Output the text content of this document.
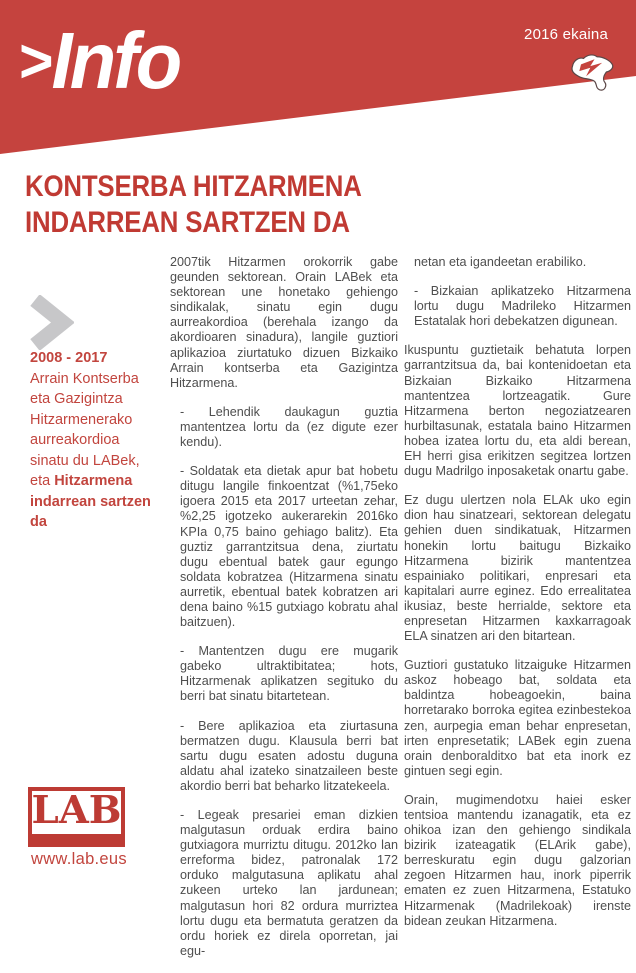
>Info	2016 ekaina
KONTSERBA HITZARMENA
INDARREAN SARTZEN DA
2008 - 2017
Arrain Kontserba eta Gazigintza Hitzarmenerako aurreakordioa sinatu du LABek, eta Hitzarmena indarrean sartzen da

2007tik Hitzarmen orokorrik gabe geunden sektorean. Orain LABek eta sektorean une honetako gehiengo sindikalak, sinatu egin dugu aurreakordioa (berehala izango da akordioaren sinadura), langile guztiori aplikazioa ziurtatuko dizuen Bizkaiko Arrain kontserba eta Gazigintza Hitzarmena.

- Lehendik daukagun guztia mantentzea lortu da (ez digute ezer kendu).

- Soldatak eta dietak apur bat hobetu ditugu langile finkoentzat (%1,75eko igoera 2015 eta 2017 urteetan zehar, %2,25 igotzeko aukerarekin 2016ko KPIa 0,75 baino gehiago balitz). Eta guztiz garrantzitsua dena, ziurtatu dugu ebentual batek gaur egungo soldata kobratzea (Hitzarmena sinatu aurretik, ebentual batek kobratzen ari dena baino %15 gutxiago kobratu ahal baitzuen).

- Mantentzen dugu ere mugarik gabeko ultraktibitatea; hots, Hitzarmenak aplikatzen segituko du berri bat sinatu bitartetean.

- Bere aplikazioa eta ziurtasuna bermatzen dugu. Klausula berri bat sartu dugu esaten adostu duguna aldatu ahal izateko sinatzaileen beste akordio berri bat beharko litzatekeela.

- Legeak presariei eman dizkien malgutasun orduak erdira baino gutxiagora murriztu ditugu. 2012ko lan erreforma bidez, patronalak 172 orduko malgutasuna aplikatu ahal zukeen urteko lan jardunean; malgutasun hori 82 ordura murriztea lortu dugu eta bermatuta geratzen da ordu horiek ez direla oporretan, jai egu-

netan eta igandeetan erabiliko.

- Bizkaian aplikatzeko Hitzarmena lortu dugu Madrileko Hitzarmen Estatalak hori debekatzen digunean.

Ikuspuntu guztietaik behatuta lorpen garrantzitsua da, bai kontenidoetan eta Bizkaian Bizkaiko Hitzarmena mantentzea lortzeagatik. Gure Hitzarmena berton negoziatzearen hurbiltasunak, estatala baino Hitzarmen hobea izatea lortu du, eta aldi berean, EH herri gisa erikitzen segitzea lortzen dugu Madrilgo inposaketak onartu gabe.

Ez dugu ulertzen nola ELAk uko egin dion hau sinatzeari, sektorean delegatu gehien duen sindikatuak, Hitzarmen honekin lortu baitugu Bizkaiko Hitzarmena bizirik mantentzea espainiako politikari, enpresari eta kapitalari aurre eginez. Edo errealitatea ikusiaz, beste herrialde, sektore eta enpresetan Hitzarmen kaxkarragoak ELA sinatzen ari den bitartean.

Guztiori gustatuko litzaiguke Hitzarmen askoz hobeago bat, soldata eta baldintza hobeagoekin, baina horretarako borroka egitea ezinbestekoa zen, aurpegia eman behar enpresetan, irten enpresetatik; LABek egin zuena orain denboralditxo bat eta inork ez gintuen segi egin.

Orain, mugimendotxu haiei esker tentsioa mantendu izanagatik, eta ez ohikoa izan den gehiengo sindikala bizirik izateagatik (ELArik gabe), berreskuratu egin dugu galzorian zegoen Hitzarmen hau, inork piperrik ematen ez zuen Hitzarmena, Estatuko Hitzarmenak (Madrilekoak) irenste bidean zeukan Hitzarmena.

LAB
www.lab.eus
